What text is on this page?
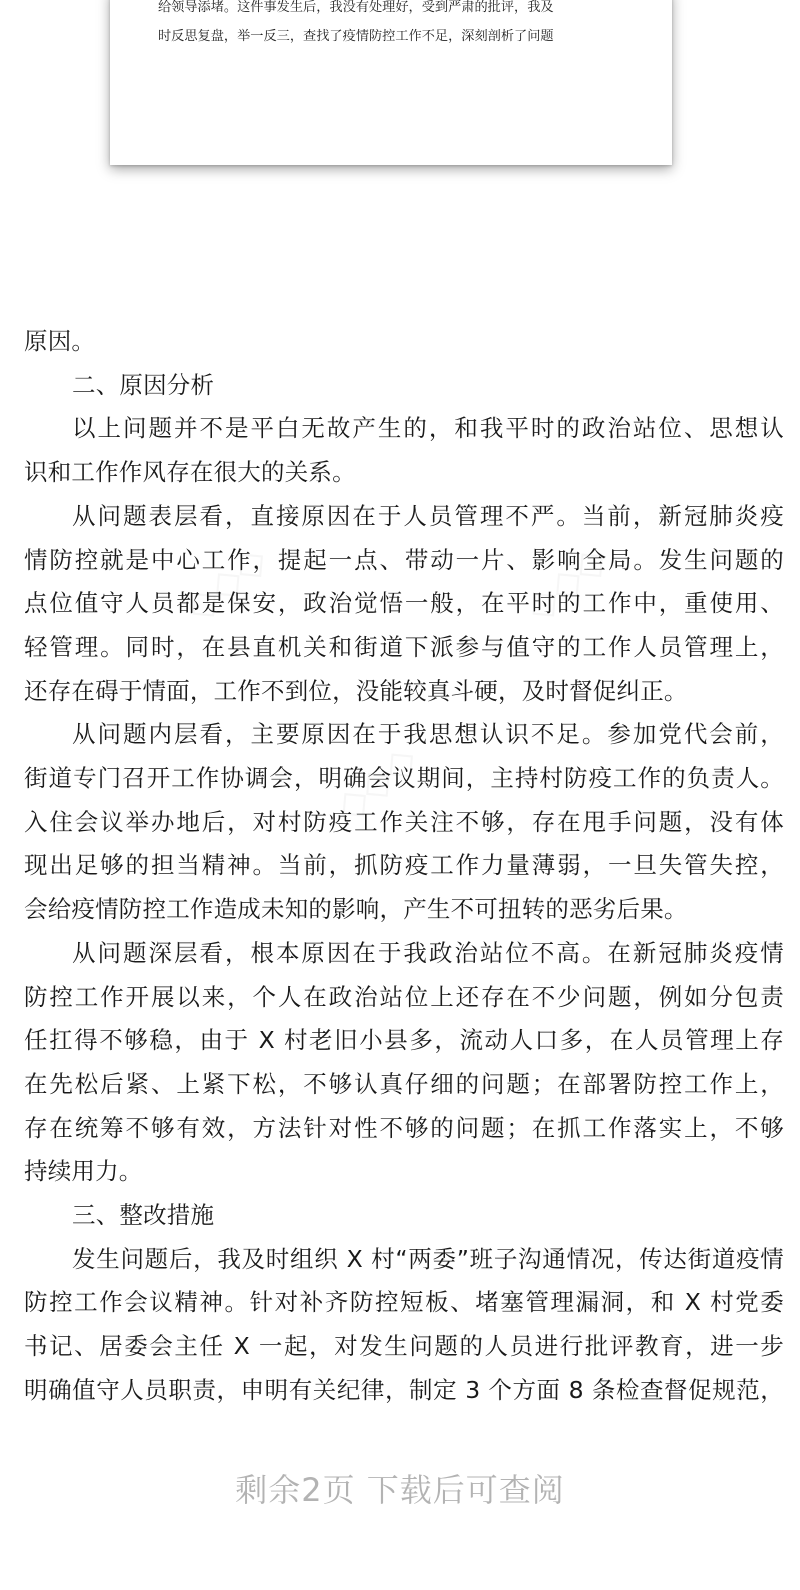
给领导添堵。这件事发生后，我没有处理好，受到严肃的批评，我及
时反思复盘，举一反三，查找了疫情防控工作不足，深刻剖析了问题
原因。
二、原因分析
以上问题并不是平白无故产生的，和我平时的政治站位、思想认
识和工作作风存在很大的关系。
从问题表层看，直接原因在于人员管理不严。当前，新冠肺炎疫
情防控就是中心工作，提起一点、带动一片、影响全局。发生问题的
点位值守人员都是保安，政治觉悟一般，在平时的工作中，重使用、
轻管理。同时，在县直机关和街道下派参与值守的工作人员管理上，
还存在碍于情面，工作不到位，没能较真斗硬，及时督促纠正。
从问题内层看，主要原因在于我思想认识不足。参加党代会前，
街道专门召开工作协调会，明确会议期间，主持村防疫工作的负责人。
入住会议举办地后，对村防疫工作关注不够，存在甩手问题，没有体
现出足够的担当精神。当前，抓防疫工作力量薄弱，一旦失管失控，
会给疫情防控工作造成未知的影响，产生不可扭转的恶劣后果。
从问题深层看，根本原因在于我政治站位不高。在新冠肺炎疫情
防控工作开展以来，个人在政治站位上还存在不少问题，例如分包责
任扛得不够稳，由于 X 村老旧小县多，流动人口多，在人员管理上存
在先松后紧、上紧下松，不够认真仔细的问题；在部署防控工作上，
存在统筹不够有效，方法针对性不够的问题；在抓工作落实上，不够
持续用力。
三、整改措施
发生问题后，我及时组织 X 村“两委”班子沟通情况，传达街道疫情
防控工作会议精神。针对补齐防控短板、堵塞管理漏洞，和 X 村党委
书记、居委会主任 X 一起，对发生问题的人员进行批评教育，进一步
明确值守人员职责，申明有关纪律，制定 3 个方面 8 条检查督促规范，
剩余2页 下载后可查阅
